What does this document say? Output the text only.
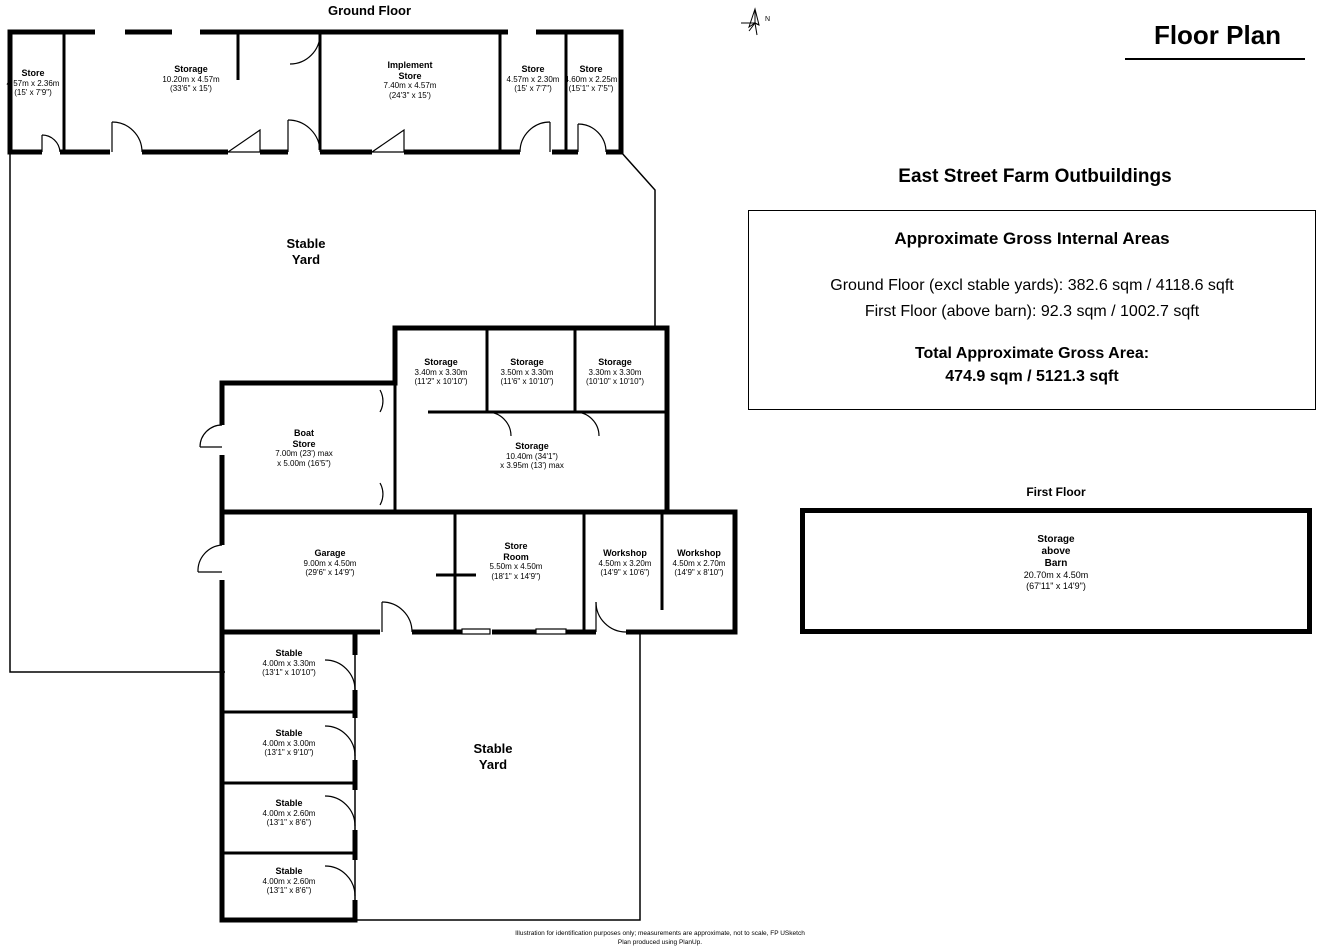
N
Ground Floor
Floor Plan
East Street Farm Outbuildings
Approximate Gross Internal Areas
Ground Floor (excl stable yards): 382.6 sqm / 4118.6 sqft
First Floor (above barn): 92.3 sqm / 1002.7 sqft
Total Approximate Gross Area:
474.9 sqm / 5121.3 sqft
First Floor
Storage
above
Barn
20.70m x 4.50m
(67'11" x 14'9")
Store
4.57m x 2.36m
(15' x 7'9")
Storage
10.20m x 4.57m
(33'6" x 15')
Implement
Store
7.40m x 4.57m
(24'3" x 15')
Store
4.57m x 2.30m
(15' x 7'7")
Store
4.60m x 2.25m
(15'1" x 7'5")
Storage
3.40m x 3.30m
(11'2" x 10'10")
Storage
3.50m x 3.30m
(11'6" x 10'10")
Storage
3.30m x 3.30m
(10'10" x 10'10")
Boat
Store
7.00m (23') max
x 5.00m (16'5")
Storage
10.40m (34'1")
x 3.95m (13') max
Garage
9.00m x 4.50m
(29'6" x 14'9")
Store
Room
5.50m x 4.50m
(18'1" x 14'9")
Workshop
4.50m x 3.20m
(14'9" x 10'6")
Workshop
4.50m x 2.70m
(14'9" x 8'10")
Stable
4.00m x 3.30m
(13'1" x 10'10")
Stable
4.00m x 3.00m
(13'1" x 9'10")
Stable
4.00m x 2.60m
(13'1" x 8'6")
Stable
4.00m x 2.60m
(13'1" x 8'6")
Stable
Yard
Stable
Yard
Illustration for identification purposes only; measurements are approximate, not to scale, FP USketch
Plan produced using PlanUp.
